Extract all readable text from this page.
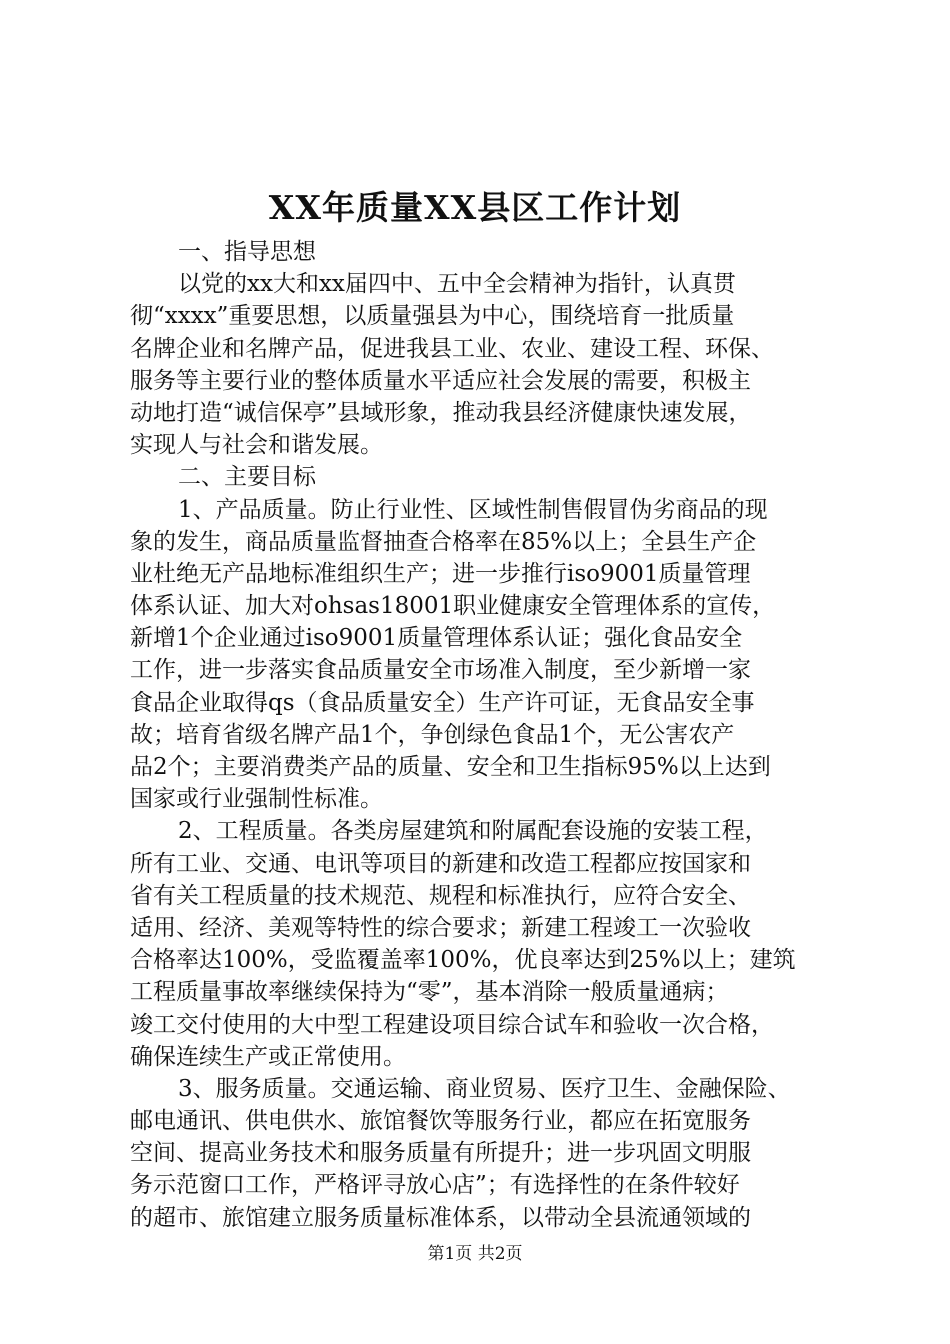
XX年质量XX县区工作计划
一、指导思想
以党的xx大和xx届四中、五中全会精神为指针，认真贯
彻“xxxx”重要思想，以质量强县为中心，围绕培育一批质量
名牌企业和名牌产品，促进我县工业、农业、建设工程、环保、
服务等主要行业的整体质量水平适应社会发展的需要，积极主
动地打造“诚信保亭”县域形象，推动我县经济健康快速发展，
实现人与社会和谐发展。
二、主要目标
1、产品质量。防止行业性、区域性制售假冒伪劣商品的现
象的发生，商品质量监督抽查合格率在85%以上；全县生产企
业杜绝无产品地标准组织生产；进一步推行iso9001质量管理
体系认证、加大对ohsas18001职业健康安全管理体系的宣传，
新增1个企业通过iso9001质量管理体系认证；强化食品安全
工作，进一步落实食品质量安全市场准入制度，至少新增一家
食品企业取得qs（食品质量安全）生产许可证，无食品安全事
故；培育省级名牌产品1个，争创绿色食品1个，无公害农产
品2个；主要消费类产品的质量、安全和卫生指标95%以上达到
国家或行业强制性标准。
2、工程质量。各类房屋建筑和附属配套设施的安装工程，
所有工业、交通、电讯等项目的新建和改造工程都应按国家和
省有关工程质量的技术规范、规程和标准执行，应符合安全、
适用、经济、美观等特性的综合要求；新建工程竣工一次验收
合格率达100%，受监覆盖率100%，优良率达到25%以上；建筑
工程质量事故率继续保持为“零”，基本消除一般质量通病；
竣工交付使用的大中型工程建设项目综合试车和验收一次合格，
确保连续生产或正常使用。
3、服务质量。交通运输、商业贸易、医疗卫生、金融保险、
邮电通讯、供电供水、旅馆餐饮等服务行业，都应在拓宽服务
空间、提高业务技术和服务质量有所提升；进一步巩固文明服
务示范窗口工作，严格评寻放心店”；有选择性的在条件较好
的超市、旅馆建立服务质量标准体系，以带动全县流通领域的
第1页 共2页
